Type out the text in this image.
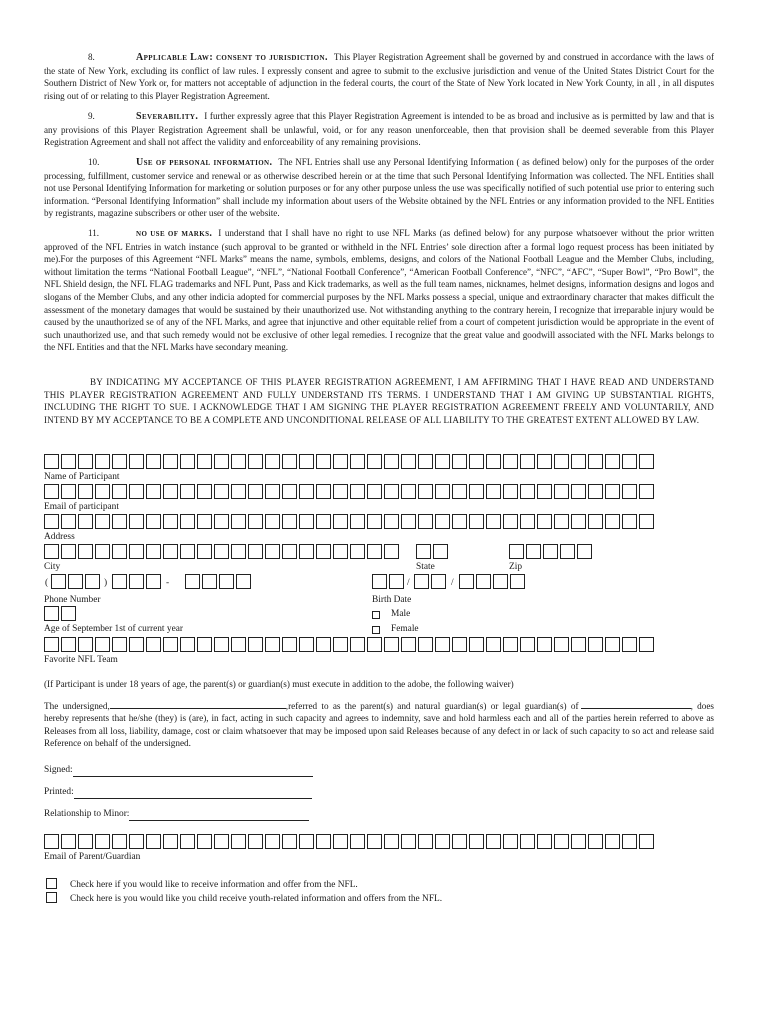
8.	Applicable Law: consent to jurisdiction. This Player Registration Agreement shall be governed by and construed in accordance with the laws of the state of New York, excluding its conflict of law rules. I expressly consent and agree to submit to the exclusive jurisdiction and venue of the United States District Court for the Southern District of New York or, for matters not acceptable of adjunction in the federal courts, the court of the State of New York located in New York County, in all , in all disputes rising out of or relating to this Player Registration Agreement.
9.	Severability. I further expressly agree that this Player Registration Agreement is intended to be as broad and inclusive as is permitted by law and that is any provisions of this Player Registration Agreement shall be unlawful, void, or for any reason unenforceable, then that provision shall be deemed severable from this Player Registration Agreement and shall not affect the validity and enforceability of any remaining provisions.
10.	Use of personal information. The NFL Entries shall use any Personal Identifying Information ( as defined below) only for the purposes of the order processing, fulfillment, customer service and renewal or as otherwise described herein or at the time that such Personal Identifying Information was collected. The NFL Entities shall not use Personal Identifying Information for marketing or solution purposes or for any other purpose unless the use was specifically notified of such potential use prior to entering such information. “Personal Identifying Information” shall include my information about users of the Website obtained by the NFL Entries or any information provided to the NFL Entities by registrants, magazine subscribers or other user of the website.
11.	no use of marks. I understand that I shall have no right to use NFL Marks (as defined below) for any purpose whatsoever without the prior written approved of the NFL Entries in watch instance (such approval to be granted or withheld in the NFL Entries’ sole direction after a formal logo request process has been initiated by me).For the purposes of this Agreement “NFL Marks” means the name, symbols, emblems, designs, and colors of the National Football League and the Member Clubs, including, without limitation the terms “National Football League”, “NFL”, “National Football Conference”, “American Football Conference”, “NFC”, “AFC”, “Super Bowl”, “Pro Bowl”, the NFL Shield design, the NFL FLAG trademarks and NFL Punt, Pass and Kick trademarks, as well as the full team names, nicknames, helmet designs, information designs and logos and slogans of the Member Clubs, and any other indicia adopted for commercial purposes by the NFL Marks possess a special, unique and extraordinary character that makes difficult the assessment of the monetary damages that would be sustained by their unauthorized use. Not withstanding anything to the contrary herein, I recognize that irreparable injury would be caused by the unauthorized se of any of the NFL Marks, and agree that injunctive and other equitable relief from a court of competent jurisdiction would be appropriate in the event of such unauthorized use, and that such remedy would not be exclusive of other legal remedies. I recognize that the great value and goodwill associated with the NFL Marks belongs to the NFL Entities and that the NFL Marks have secondary meaning.

BY INDICATING MY ACCEPTANCE OF THIS PLAYER REGISTRATION AGREEMENT, I AM AFFIRMING THAT I HAVE READ AND UNDERSTAND THIS PLAYER REGISTRATION AGREEMENT AND FULLY UNDERSTAND ITS TERMS. I UNDERSTAND THAT I AM GIVING UP SUBSTANTIAL RIGHTS, INCLUDING THE RIGHT TO SUE. I ACKNOWLEDGE THAT I AM SIGNING THE PLAYER REGISTRATION AGREEMENT FREELY AND VOLUNTARILY, AND INTEND BY MY ACCEPTANCE TO BE A COMPLETE AND UNCONDITIONAL RELEASE OF ALL LIABILITY TO THE GREATEST EXTENT ALLOWED BY LAW.

Name of Participant
Email of participant
Address
City	State	Zip
(	)	-
Phone Number
/	/
Birth Date
Age of September 1st of current year
Male
Female
Favorite NFL Team
(If Participant is under 18 years of age, the parent(s) or guardian(s) must execute in addition to the adobe, the following waiver)
The undersigned,	,referred to as the parent(s) and natural guardian(s) or legal guardian(s) of	, does hereby represents that he/she (they) is (are), in fact, acting in such capacity and agrees to indemnity, save and hold harmless each and all of the parties herein referred to above as Releases from all loss, liability, damage, cost or claim whatsoever that may be imposed upon said Releases because of any defect in or lack of such capacity to so act and release said Reference on behalf of the undersigned.
Signed:
Printed:
Relationship to Minor:
Email of Parent/Guardian
Check here if you would like to receive information and offer from the NFL.
Check here is you would like you child receive youth-related information and offers from the NFL.
